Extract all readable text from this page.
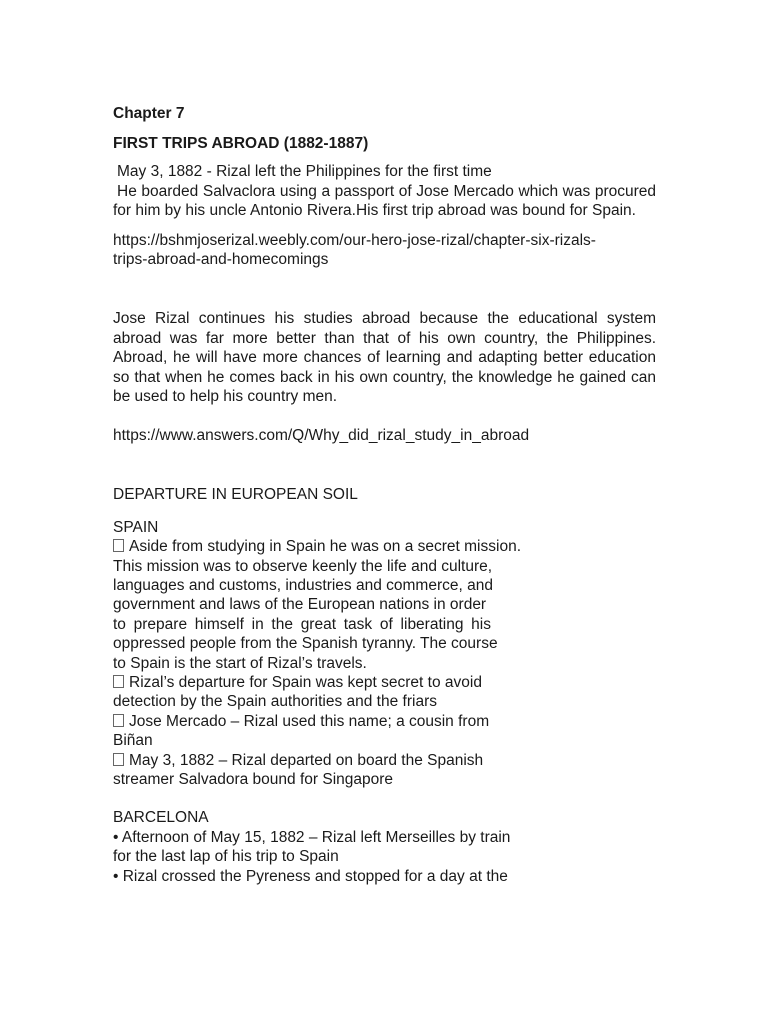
Chapter 7
FIRST TRIPS ABROAD (1882-1887)
May 3, 1882 - Rizal left the Philippines for the first time
He boarded Salvaclora using a passport of Jose Mercado which was procured for him by his uncle Antonio Rivera.His first trip abroad was bound for Spain.
https://bshmjoserizal.weebly.com/our-hero-jose-rizal/chapter-six-rizals-
trips-abroad-and-homecomings
Jose Rizal continues his studies abroad because the educational system abroad was far more better than that of his own country, the Philippines. Abroad, he will have more chances of learning and adapting better education so that when he comes back in his own country, the knowledge he gained can be used to help his country men.
https://www.answers.com/Q/Why_did_rizal_study_in_abroad
DEPARTURE IN EUROPEAN SOIL
SPAIN
Aside from studying in Spain he was on a secret mission.
This mission was to observe keenly the life and culture,
languages and customs, industries and commerce, and
government and laws of the European nations in order
to prepare himself in the great task of liberating his
oppressed people from the Spanish tyranny. The course
to Spain is the start of Rizal’s travels.
Rizal’s departure for Spain was kept secret to avoid
detection by the Spain authorities and the friars
Jose Mercado – Rizal used this name; a cousin from
Biñan
May 3, 1882 – Rizal departed on board the Spanish
streamer Salvadora bound for Singapore
BARCELONA
• Afternoon of May 15, 1882 – Rizal left Merseilles by train
for the last lap of his trip to Spain
• Rizal crossed the Pyreness and stopped for a day at the
